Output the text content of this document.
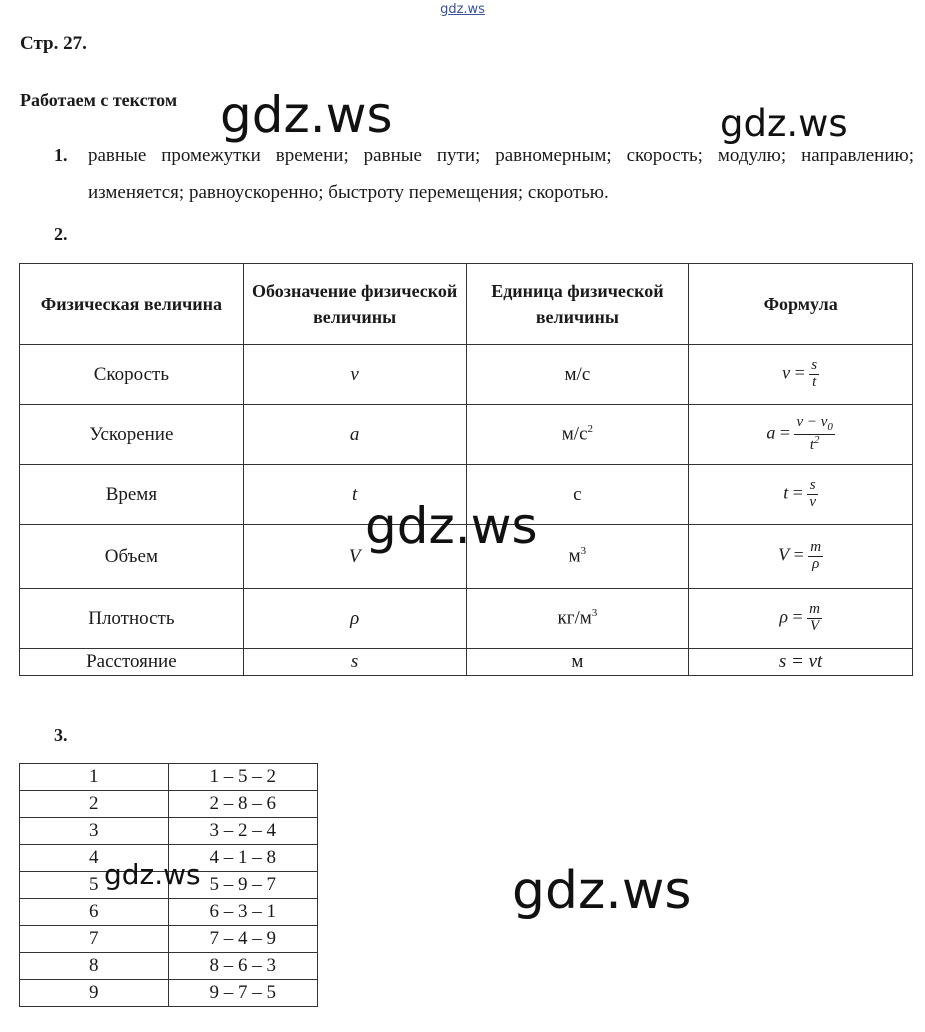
gdz.ws
Стр. 27.
Работаем с текстом
1. равные промежутки времени; равные пути; равномерным; скорость; модулю; направлению; изменяется; равноускоренно; быстроту перемещения; скоротью.
2.
Физическая величина	Обозначение физической величины	Единица физической величины	Формула
Скорость	v	м/с	$v = \frac{s}{t}$

Ускорение	a	$м/с^2$	$a = \frac{v - v_0}{t^2}$

Время	t	с	$t = \frac{s}{v}$

Объем	V	$м^3$	$V = \frac{m}{\rho}$

Плотность	ρ	$кг/м^3$	$\rho = \frac{m}{V}$

Расстояние	s	м	s = vt
3.
1	1 – 5 – 2
2	2 – 8 – 6
3	3 – 2 – 4
4	4 – 1 – 8
5	5 – 9 – 7
6	6 – 3 – 1
7	7 – 4 – 9
8	8 – 6 – 3
9	9 – 7 – 5
gdz.ws	gdz.ws
gdz.ws
gdz.ws	gdz.ws
